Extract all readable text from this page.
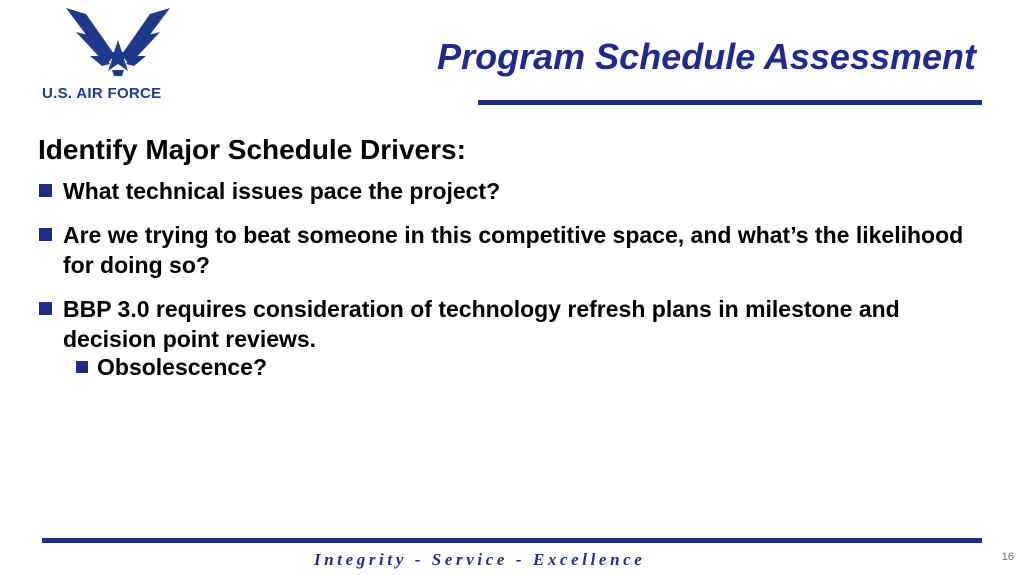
U.S. AIR FORCE
Program Schedule Assessment
Identify Major Schedule Drivers:
What technical issues pace the project?
Are we trying to beat someone in this competitive space, and what’s the likelihood for doing so?
BBP 3.0 requires consideration of technology refresh plans in milestone and decision point reviews.
Obsolescence?
Integrity - Service - Excellence	16
